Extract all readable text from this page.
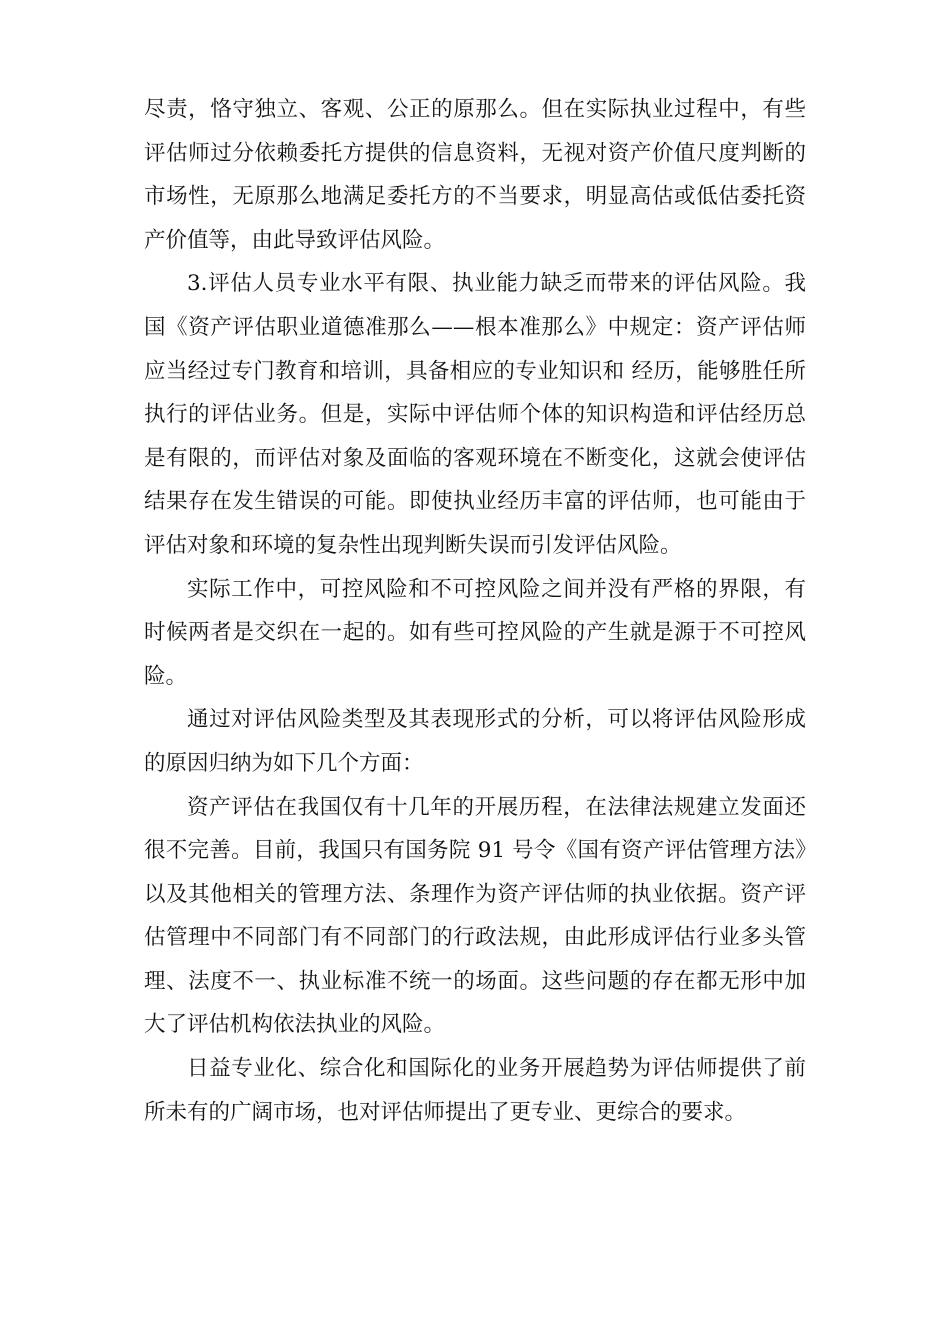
尽责，恪守独立、客观、公正的原那么。但在实际执业过程中，有些评估师过分依赖委托方提供的信息资料，无视对资产价值尺度判断的市场性，无原那么地满足委托方的不当要求，明显高估或低估委托资产价值等，由此导致评估风险。

3.评估人员专业水平有限、执业能力缺乏而带来的评估风险。我国《资产评估职业道德准那么——根本准那么》中规定：资产评估师应当经过专门教育和培训，具备相应的专业知识和 经历，能够胜任所执行的评估业务。但是，实际中评估师个体的知识构造和评估经历总是有限的，而评估对象及面临的客观环境在不断变化，这就会使评估结果存在发生错误的可能。即使执业经历丰富的评估师，也可能由于评估对象和环境的复杂性出现判断失误而引发评估风险。

实际工作中，可控风险和不可控风险之间并没有严格的界限，有时候两者是交织在一起的。如有些可控风险的产生就是源于不可控风险。

通过对评估风险类型及其表现形式的分析，可以将评估风险形成的原因归纳为如下几个方面：

资产评估在我国仅有十几年的开展历程，在法律法规建立发面还很不完善。目前，我国只有国务院 91 号令《国有资产评估管理方法》以及其他相关的管理方法、条理作为资产评估师的执业依据。资产评估管理中不同部门有不同部门的行政法规，由此形成评估行业多头管理、法度不一、执业标准不统一的场面。这些问题的存在都无形中加大了评估机构依法执业的风险。

日益专业化、综合化和国际化的业务开展趋势为评估师提供了前所未有的广阔市场，也对评估师提出了更专业、更综合的要求。
